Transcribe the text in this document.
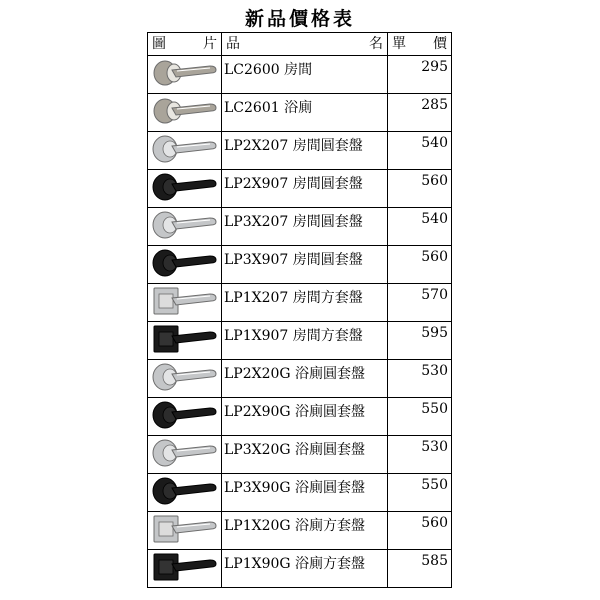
新品價格表
圖 片	品 名	單 價

	LC2600 房間	295

	LC2601 浴廁	285

	LP2X207 房間圓套盤	540

	LP2X907 房間圓套盤	560

	LP3X207 房間圓套盤	540

	LP3X907 房間圓套盤	560

	LP1X207 房間方套盤	570

	LP1X907 房間方套盤	595

	LP2X20G 浴廁圓套盤	530

	LP2X90G 浴廁圓套盤	550

	LP3X20G 浴廁圓套盤	530

	LP3X90G 浴廁圓套盤	550

	LP1X20G 浴廁方套盤	560

	LP1X90G 浴廁方套盤	585
